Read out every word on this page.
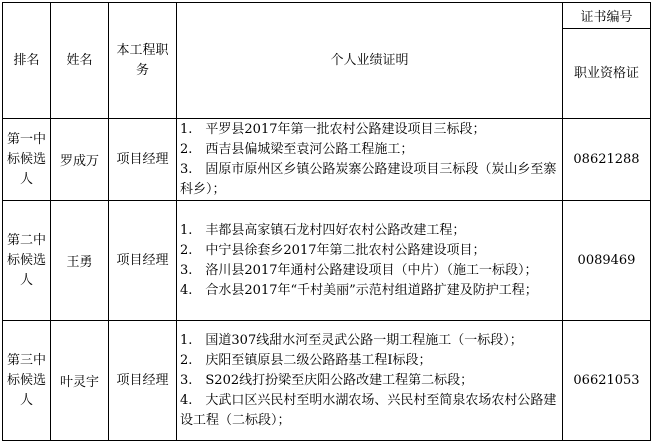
排名	姓名	本工程职务	个人业绩证明	证书编号
				职业资格证
第一中标候选人	罗成万	项目经理	1.　平罗县2017年第一批农村公路建设项目三标段；
2.　西吉县偏城梁至袁河公路工程施工；
3.　固原市原州区乡镇公路炭寨公路建设项目三标段（炭山乡至寨科乡）；	08621288
第二中标候选人	王勇	项目经理	1.　丰都县高家镇石龙村四好农村公路改建工程；
2.　中宁县徐套乡2017年第二批农村公路建设项目；
3.　洛川县2017年通村公路建设项目（中片）（施工一标段）；
4.　合水县2017年“千村美丽”示范村组道路扩建及防护工程；	0089469
第三中标候选人	叶灵宇	项目经理	1.　国道307线甜水河至灵武公路一期工程施工（一标段）；
2.　庆阳至镇原县二级公路路基工程I标段；
3.　S202线打扮梁至庆阳公路改建工程第二标段；
4.　大武口区兴民村至明水湖农场、兴民村至简泉农场农村公路建设工程（二标段）；	06621053
